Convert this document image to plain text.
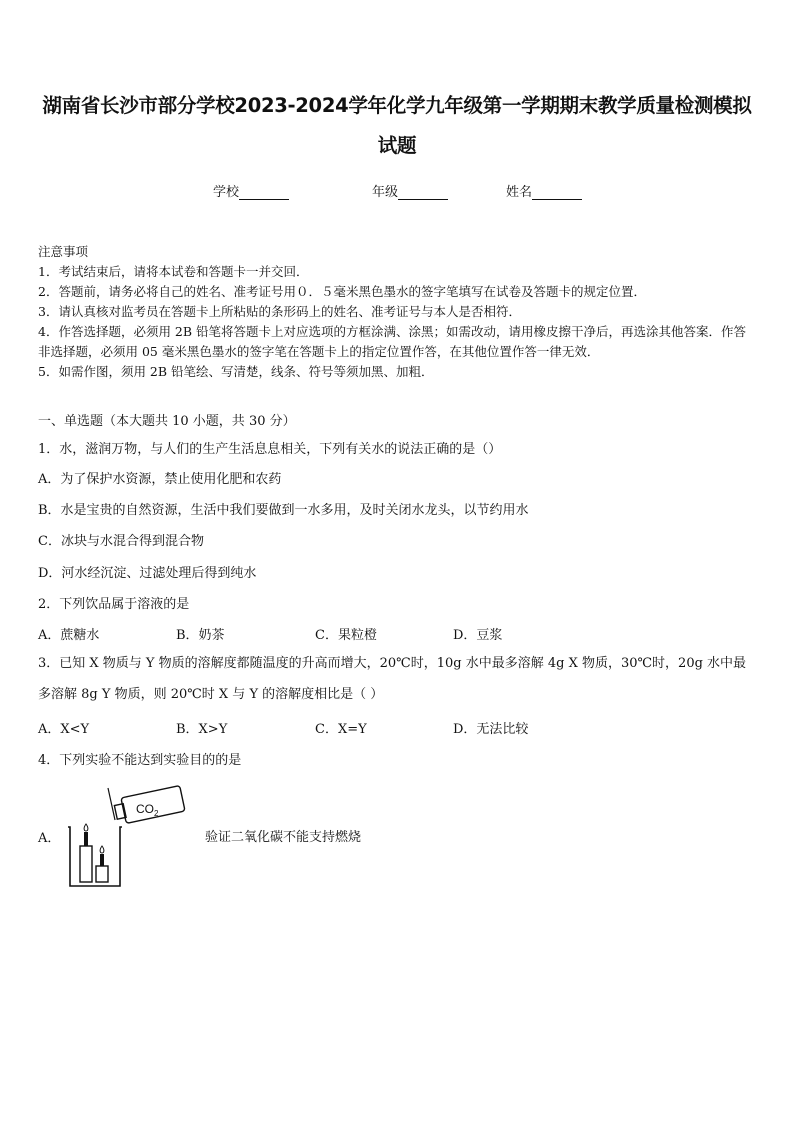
湖南省长沙市部分学校2023-2024学年化学九年级第一学期期末教学质量检测模拟试题
学校	年级	姓名
注意事项
1．考试结束后，请将本试卷和答题卡一并交回．
2．答题前，请务必将自己的姓名、准考证号用０．５毫米黑色墨水的签字笔填写在试卷及答题卡的规定位置．
3．请认真核对监考员在答题卡上所粘贴的条形码上的姓名、准考证号与本人是否相符．
4．作答选择题，必须用 2B 铅笔将答题卡上对应选项的方框涂满、涂黑；如需改动，请用橡皮擦干净后，再选涂其他答案．作答非选择题，必须用 05 毫米黑色墨水的签字笔在答题卡上的指定位置作答，在其他位置作答一律无效．
5．如需作图，须用 2B 铅笔绘、写清楚，线条、符号等须加黑、加粗．
一、单选题（本大题共 10 小题，共 30 分）
1．水，滋润万物，与人们的生产生活息息相关，下列有关水的说法正确的是（）
A．为了保护水资源，禁止使用化肥和农药
B．水是宝贵的自然资源，生活中我们要做到一水多用，及时关闭水龙头，以节约用水
C．冰块与水混合得到混合物
D．河水经沉淀、过滤处理后得到纯水
2．下列饮品属于溶液的是
A．蔗糖水	B．奶茶	C．果粒橙	D．豆浆
3．已知 X 物质与 Y 物质的溶解度都随温度的升高而增大，20℃时，10g 水中最多溶解 4g X 物质，30℃时，20g 水中最多溶解 8g Y 物质，则 20℃时 X 与 Y 的溶解度相比是（ ）
A．X<Y	B．X>Y	C．X=Y	D．无法比较
4．下列实验不能达到实验目的的是
A．
$CO_2$
验证二氧化碳不能支持燃烧
